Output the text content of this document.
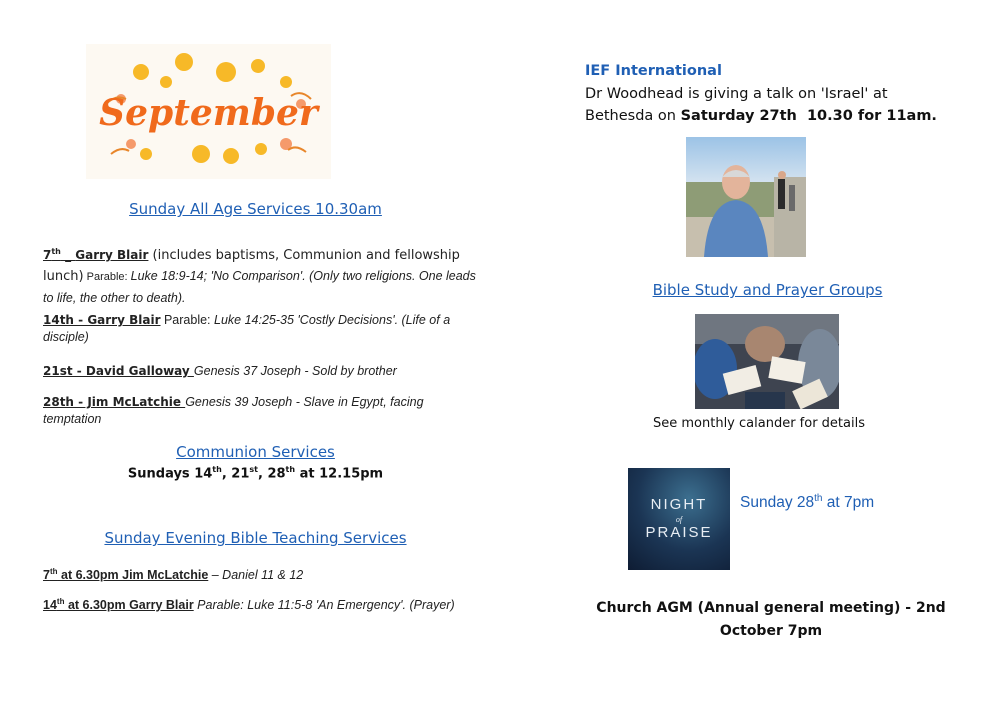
September
Sunday All Age Services 10.30am
7th _ Garry Blair (includes baptisms, Communion and fellowship lunch) Parable: Luke 18:9-14; 'No Comparison'. (Only two religions. One leads to life, the other to death).
14th - Garry Blair Parable: Luke 14:25-35 'Costly Decisions'. (Life of a disciple)
21st - David Galloway Genesis 37 Joseph - Sold by brother
28th - Jim McLatchie Genesis 39 Joseph - Slave in Egypt, facing temptation
Communion Services
Sundays 14th, 21st, 28th at 12.15pm
Sunday Evening Bible Teaching Services
7th at 6.30pm Jim McLatchie – Daniel 11 & 12
14th at 6.30pm Garry Blair Parable: Luke 11:5-8 'An Emergency'. (Prayer)
IEF International
Dr Woodhead is giving a talk on 'Israel' at
Bethesda on Saturday 27th  10.30 for 11am.
Bible Study and Prayer Groups
See monthly calander for details
NIGHT
of
PRAISE
Sunday 28th at 7pm
Church AGM (Annual general meeting) - 2nd
October 7pm
